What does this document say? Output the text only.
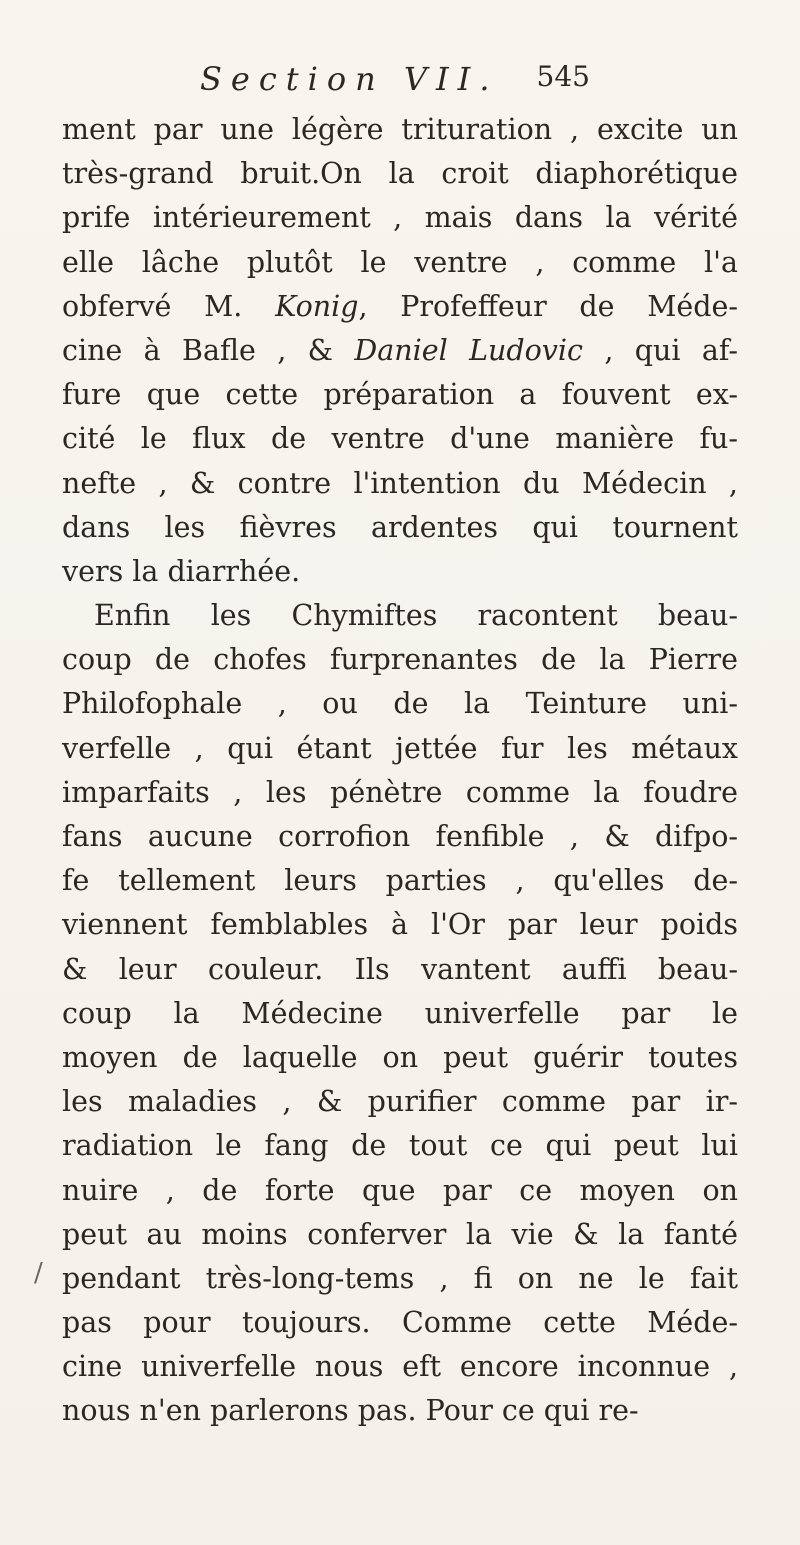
Section VII. 545
ment par une légère trituration , excite un
très-grand bruit.On la croit diaphorétique
prife intérieurement , mais dans la vérité
elle lâche plutôt le ventre , comme l'a
obfervé M. Konig, Profeffeur de Méde-
cine à Bafle , & Daniel Ludovic , qui af-
fure que cette préparation a fouvent ex-
cité le flux de ventre d'une manière fu-
nefte , & contre l'intention du Médecin ,
dans les fièvres ardentes qui tournent
vers la diarrhée.
Enfin les Chymiftes racontent beau-
coup de chofes furprenantes de la Pierre
Philofophale , ou de la Teinture uni-
verfelle , qui étant jettée fur les métaux
imparfaits , les pénètre comme la foudre
fans aucune corrofion fenfible , & difpo-
fe tellement leurs parties , qu'elles de-
viennent femblables à l'Or par leur poids
& leur couleur. Ils vantent auffi beau-
coup la Médecine univerfelle par le
moyen de laquelle on peut guérir toutes
les maladies , & purifier comme par ir-
radiation le fang de tout ce qui peut lui
nuire , de forte que par ce moyen on
peut au moins conferver la vie & la fanté
pendant très-long-tems , fi on ne le fait
pas pour toujours. Comme cette Méde-
cine univerfelle nous eft encore inconnue ,
nous n'en parlerons pas. Pour ce qui re-
/
